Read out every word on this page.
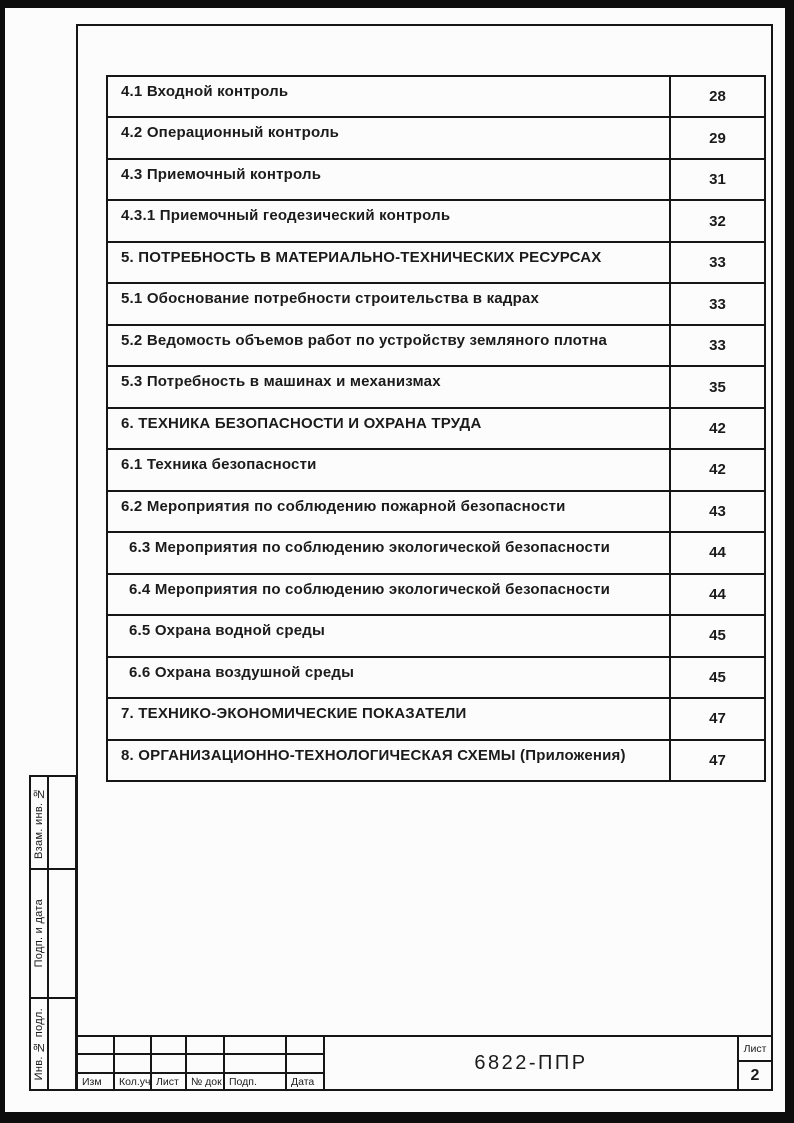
4.1 Входной контроль	28
4.2 Операционный контроль	29
4.3 Приемочный контроль	31
4.3.1 Приемочный геодезический контроль	32
5. ПОТРЕБНОСТЬ В МАТЕРИАЛЬНО-ТЕХНИЧЕСКИХ РЕСУРСАХ	33
5.1 Обоснование потребности строительства в кадрах	33
5.2 Ведомость объемов работ по устройству земляного плотна	33
5.3 Потребность в машинах и механизмах	35
6. ТЕХНИКА БЕЗОПАСНОСТИ И ОХРАНА ТРУДА	42
6.1 Техника безопасности	42
6.2 Мероприятия по соблюдению пожарной безопасности	43
6.3 Мероприятия по соблюдению экологической безопасности	44
6.4 Мероприятия по соблюдению экологической безопасности	44
6.5 Охрана водной среды	45
6.6 Охрана воздушной среды	45
7. ТЕХНИКО-ЭКОНОМИЧЕСКИЕ ПОКАЗАТЕЛИ	47
8. ОРГАНИЗАЦИОННО-ТЕХНОЛОГИЧЕСКАЯ СХЕМЫ (Приложения)	47
Взам. инв. №
Подп. и дата
Инв. № подл.
Изм	Кол.уч Лист	№ док Подп.	Дата
6822-ППР
Лист
2
